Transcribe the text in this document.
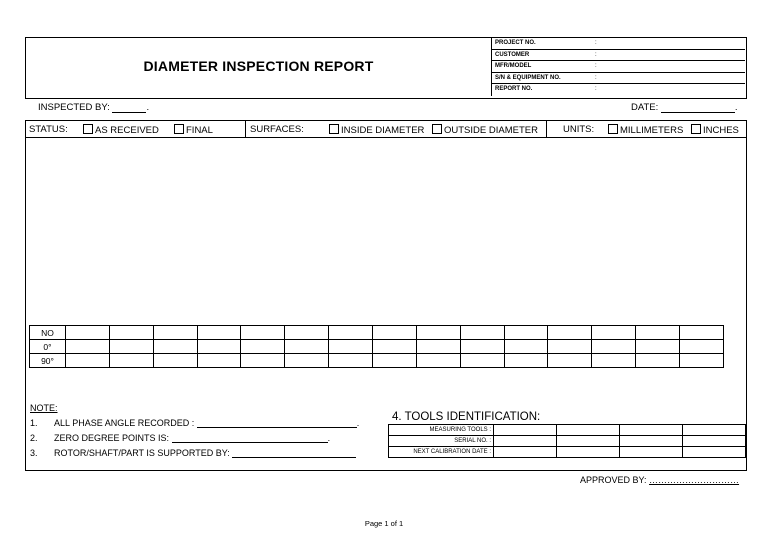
DIAMETER INSPECTION REPORT
PROJECT NO.	:
CUSTOMER	:
MFR/MODEL	:
S/N & EQUIPMENT NO.	:
REPORT NO.	:
INSPECTED BY:	.	DATE:	.
STATUS:	AS RECEIVED	FINAL	SURFACES:	INSIDE DIAMETER	OUTSIDE DIAMETER	UNITS:	MILLIMETERS	INCHES
NO															
0°															
90°															
NOTE:
1. ALL PHASE ANGLE RECORDED :	.
2. ZERO DEGREE POINTS IS:	.
3. ROTOR/SHAFT/PART IS SUPPORTED BY:
4. TOOLS IDENTIFICATION:
MEASURING TOOLS :				
SERIAL NO. :				
NEXT CALIBRATION DATE :				
APPROVED BY: …………………………
Page 1 of 1
